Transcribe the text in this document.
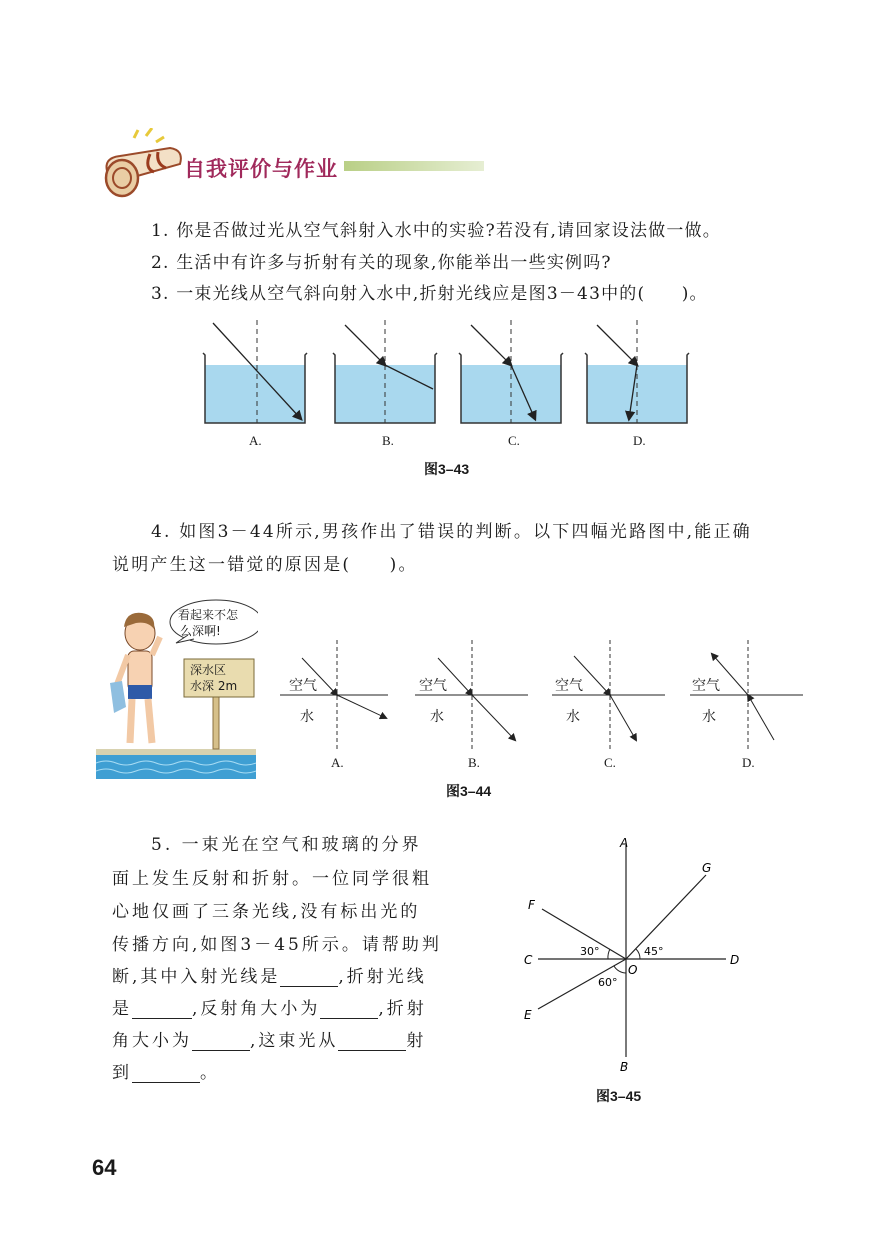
自我评价与作业
1. 你是否做过光从空气斜射入水中的实验?若没有,请回家设法做一做。
2. 生活中有许多与折射有关的现象,你能举出一些实例吗?
3. 一束光线从空气斜向射入水中,折射光线应是图3－43中的(　　)。
A.	B.	C.	D.
图3–43
4. 如图3－44所示,男孩作出了错误的判断。以下四幅光路图中,能正确
说明产生这一错觉的原因是(　　)。
看起来不怎
么深啊!
深水区
水深 2m	空气
水
空气
水
空气
水
空气
水
A.	B.	C.	D.
图3–44
5. 一束光在空气和玻璃的分界
面上发生反射和折射。一位同学很粗
心地仅画了三条光线,没有标出光的
传播方向,如图3－45所示。请帮助判
断,其中入射光线是	,折射光线
是	,反射角大小为	,折射
角大小为	,这束光从	射
到	。
A
B
C	D
E
F
G
O
30°	45°
60°
图3–45
64
